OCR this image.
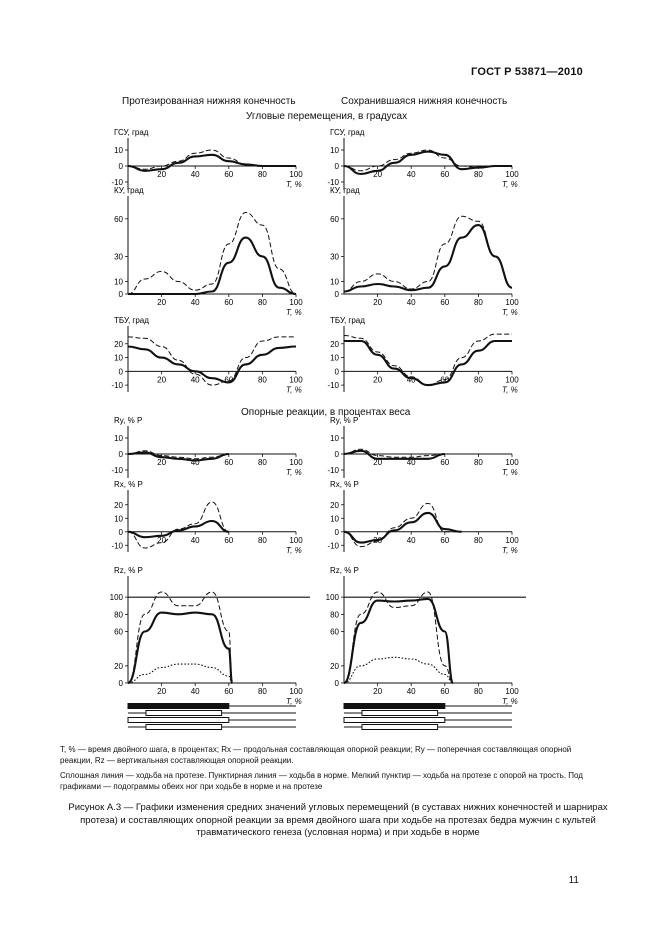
ГОСТ Р 53871—2010
Протезированная нижняя конечность	Сохранившаяся нижняя конечность
Угловые перемещения, в градусах
Опорные реакции, в процентах веса
ГСУ, град
-10
0
10
20	40	60	80	100
T, %
ГСУ, град
-10
0
10
20	40	60	80	100
T, %
КУ, град
0
10
30
60
20	40	60	80	100
T, %
КУ, град
0
10
30
60
20	40	60	80	100
T, %
ТБУ, град
-10
0
10
20
20	40	60	80	100
T, %
ТБУ, град
-10
0
10
20
20	40	60	80	100
T, %
Ry, % P
-10
0
10
20	40	60	80	100
T, %
Ry, % P
-10
0
10
20	40	60	80	100
T, %
Rx, % P
-10
0
10
20
20	40	60	80	100
T, %
Rx, % P
-10
0
10
20
20	40	60	80	100
T, %
Rz, % P
0
20
60
80
100
20	40	60	80	100
T, %
Rz, % P
0
20
60
80
100
20	40	60	80	100
T, %
T, % — время двойного шага, в процентах; Rx — продольная составляющая опорной реакции; Ry — поперечная составляющая опорной реакции, Rz — вертикальная составляющая опорной реакции.
Сплошная линия — ходьба на протезе. Пунктирная линия — ходьба в норме. Мелкий пунктир — ходьба на протезе с опорой на трость. Под графиками — подограммы обеих ног при ходьбе в норме и на протезе
Рисунок А.3 — Графики изменения средних значений угловых перемещений (в суставах нижних конечностей и шарнирах протеза) и составляющих опорной реакции за время двойного шага при ходьбе на протезах бедра мужчин с культей травматического генеза (условная норма) и при ходьбе в норме
11
